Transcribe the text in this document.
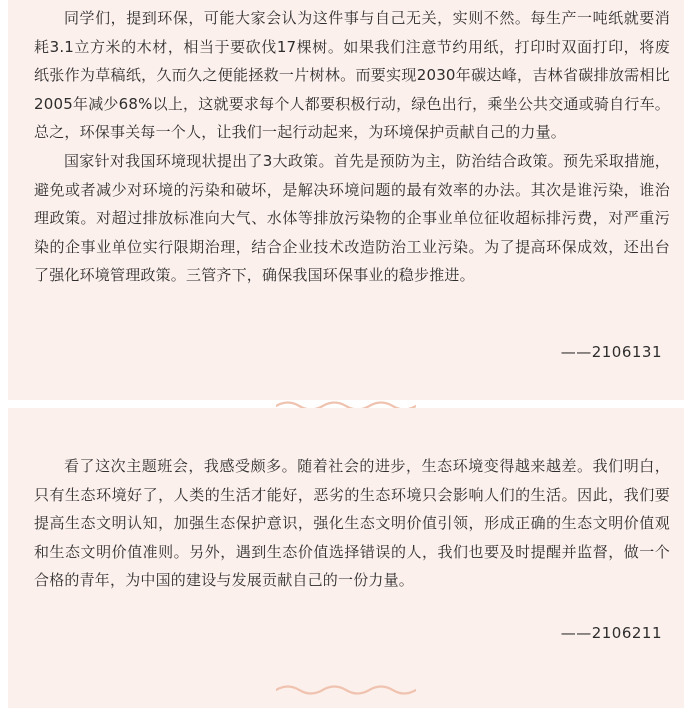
同学们，提到环保，可能大家会认为这件事与自己无关，实则不然。每生产一吨纸就要消耗3.1立方米的木材，相当于要砍伐17棵树。如果我们注意节约用纸，打印时双面打印，将废纸张作为草稿纸，久而久之便能拯救一片树林。而要实现2030年碳达峰，吉林省碳排放需相比2005年减少68%以上，这就要求每个人都要积极行动，绿色出行，乘坐公共交通或骑自行车。总之，环保事关每一个人，让我们一起行动起来，为环境保护贡献自己的力量。

国家针对我国环境现状提出了3大政策。首先是预防为主，防治结合政策。预先采取措施，避免或者减少对环境的污染和破坏，是解决环境问题的最有效率的办法。其次是谁污染，谁治理政策。对超过排放标准向大气、水体等排放污染物的企事业单位征收超标排污费，对严重污染的企事业单位实行限期治理，结合企业技术改造防治工业污染。为了提高环保成效，还出台了强化环境管理政策。三管齐下，确保我国环保事业的稳步推进。

——2106131

看了这次主题班会，我感受颇多。随着社会的进步，生态环境变得越来越差。我们明白，只有生态环境好了，人类的生活才能好，恶劣的生态环境只会影响人们的生活。因此，我们要提高生态文明认知，加强生态保护意识，强化生态文明价值引领，形成正确的生态文明价值观和生态文明价值准则。另外，遇到生态价值选择错误的人，我们也要及时提醒并监督，做一个合格的青年，为中国的建设与发展贡献自己的一份力量。

——2106211
